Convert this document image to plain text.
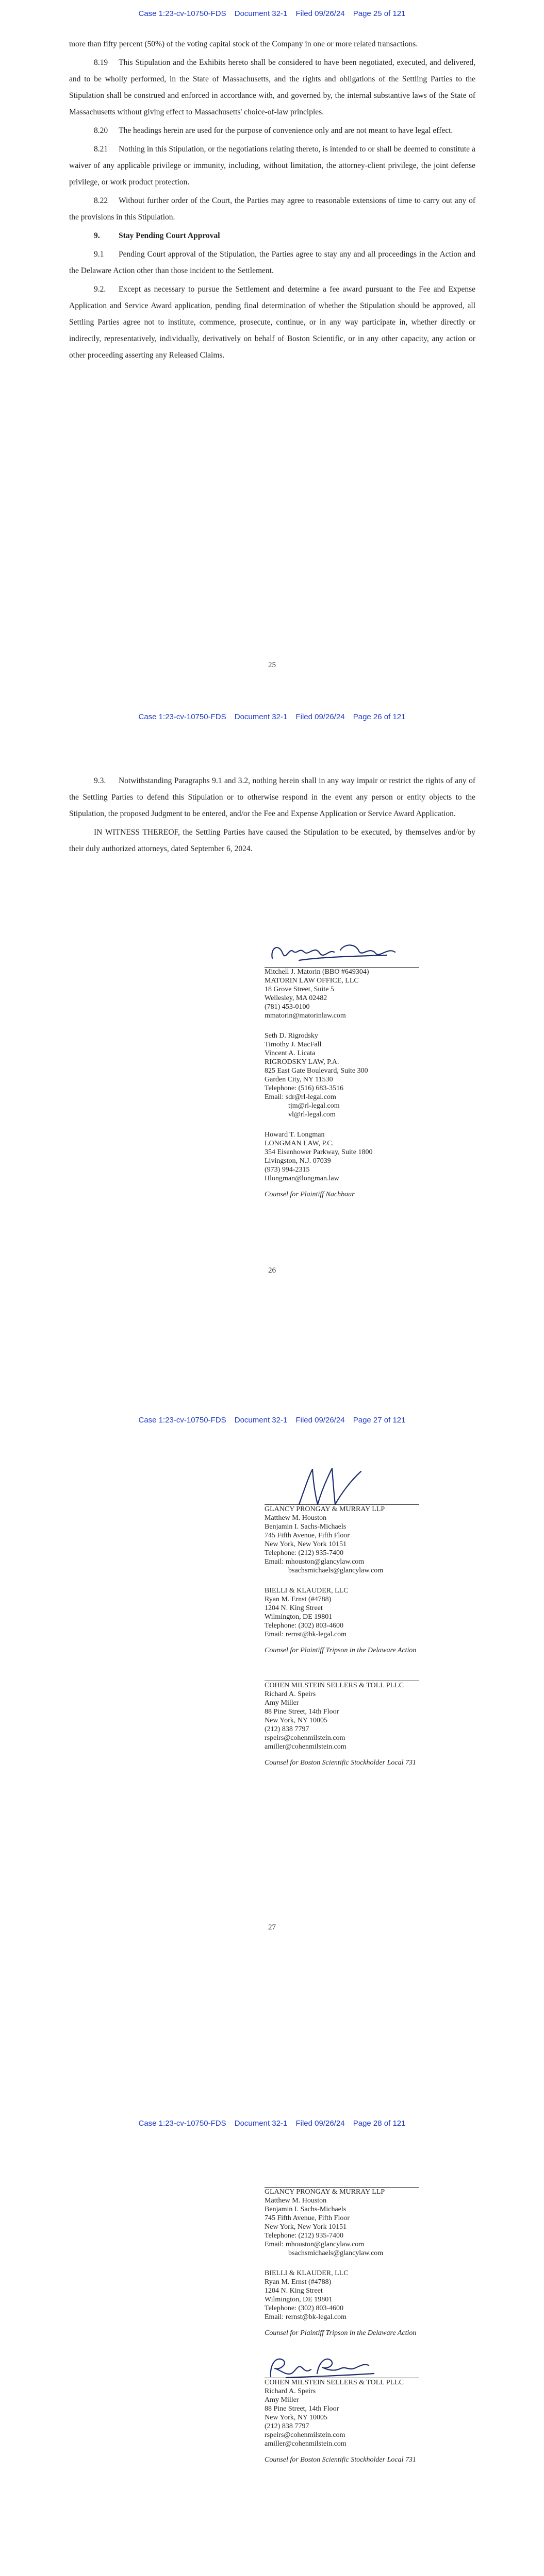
Case 1:23-cv-10750-FDS Document 32-1 Filed 09/26/24 Page 25 of 121

more than fifty percent (50%) of the voting capital stock of the Company in one or more related transactions.

8.19 This Stipulation and the Exhibits hereto shall be considered to have been negotiated, executed, and delivered, and to be wholly performed, in the State of Massachusetts, and the rights and obligations of the Settling Parties to the Stipulation shall be construed and enforced in accordance with, and governed by, the internal substantive laws of the State of Massachusetts without giving effect to Massachusetts' choice-of-law principles.

8.20 The headings herein are used for the purpose of convenience only and are not meant to have legal effect.

8.21 Nothing in this Stipulation, or the negotiations relating thereto, is intended to or shall be deemed to constitute a waiver of any applicable privilege or immunity, including, without limitation, the attorney-client privilege, the joint defense privilege, or work product protection.

8.22 Without further order of the Court, the Parties may agree to reasonable extensions of time to carry out any of the provisions in this Stipulation.

9. Stay Pending Court Approval

9.1 Pending Court approval of the Stipulation, the Parties agree to stay any and all proceedings in the Action and the Delaware Action other than those incident to the Settlement.

9.2. Except as necessary to pursue the Settlement and determine a fee award pursuant to the Fee and Expense Application and Service Award application, pending final determination of whether the Stipulation should be approved, all Settling Parties agree not to institute, commence, prosecute, continue, or in any way participate in, whether directly or indirectly, representatively, individually, derivatively on behalf of Boston Scientific, or in any other capacity, any action or other proceeding asserting any Released Claims.

25
Case 1:23-cv-10750-FDS Document 32-1 Filed 09/26/24 Page 26 of 121

9.3. Notwithstanding Paragraphs 9.1 and 3.2, nothing herein shall in any way impair or restrict the rights of any of the Settling Parties to defend this Stipulation or to otherwise respond in the event any person or entity objects to the Stipulation, the proposed Judgment to be entered, and/or the Fee and Expense Application or Service Award Application.

IN WITNESS THEREOF, the Settling Parties have caused the Stipulation to be executed, by themselves and/or by their duly authorized attorneys, dated September 6, 2024.

Mitchell J. Matorin (BBO #649304)
MATORIN LAW OFFICE, LLC
18 Grove Street, Suite 5
Wellesley, MA 02482
(781) 453-0100
mmatorin@matorinlaw.com
Seth D. Rigrodsky
Timothy J. MacFall
Vincent A. Licata
RIGRODSKY LAW, P.A.
825 East Gate Boulevard, Suite 300
Garden City, NY 11530
Telephone: (516) 683-3516
Email: sdr@rl-legal.com
tjm@rl-legal.com
vl@rl-legal.com
Howard T. Longman
LONGMAN LAW, P.C.
354 Eisenhower Parkway, Suite 1800
Livingston, N.J. 07039
(973) 994-2315
Hlongman@longman.law
Counsel for Plaintiff Nachbaur
26
Case 1:23-cv-10750-FDS Document 32-1 Filed 09/26/24 Page 27 of 121
GLANCY PRONGAY & MURRAY LLP
Matthew M. Houston
Benjamin I. Sachs-Michaels
745 Fifth Avenue, Fifth Floor
New York, New York 10151
Telephone: (212) 935-7400
Email: mhouston@glancylaw.com
bsachsmichaels@glancylaw.com
BIELLI & KLAUDER, LLC
Ryan M. Ernst (#4788)
1204 N. King Street
Wilmington, DE 19801
Telephone: (302) 803-4600
Email: rernst@bk-legal.com
Counsel for Plaintiff Tripson in the Delaware Action
COHEN MILSTEIN SELLERS & TOLL PLLC
Richard A. Speirs
Amy Miller
88 Pine Street, 14th Floor
New York, NY 10005
(212) 838 7797
rspeirs@cohenmilstein.com
amiller@cohenmilstein.com
Counsel for Boston Scientific Stockholder Local 731
27
Case 1:23-cv-10750-FDS Document 32-1 Filed 09/26/24 Page 28 of 121
GLANCY PRONGAY & MURRAY LLP
Matthew M. Houston
Benjamin I. Sachs-Michaels
745 Fifth Avenue, Fifth Floor
New York, New York 10151
Telephone: (212) 935-7400
Email: mhouston@glancylaw.com
bsachsmichaels@glancylaw.com
BIELLI & KLAUDER, LLC
Ryan M. Ernst (#4788)
1204 N. King Street
Wilmington, DE 19801
Telephone: (302) 803-4600
Email: rernst@bk-legal.com
Counsel for Plaintiff Tripson in the Delaware Action
COHEN MILSTEIN SELLERS & TOLL PLLC
Richard A. Speirs
Amy Miller
88 Pine Street, 14th Floor
New York, NY 10005
(212) 838 7797
rspeirs@cohenmilstein.com
amiller@cohenmilstein.com
Counsel for Boston Scientific Stockholder Local 731
